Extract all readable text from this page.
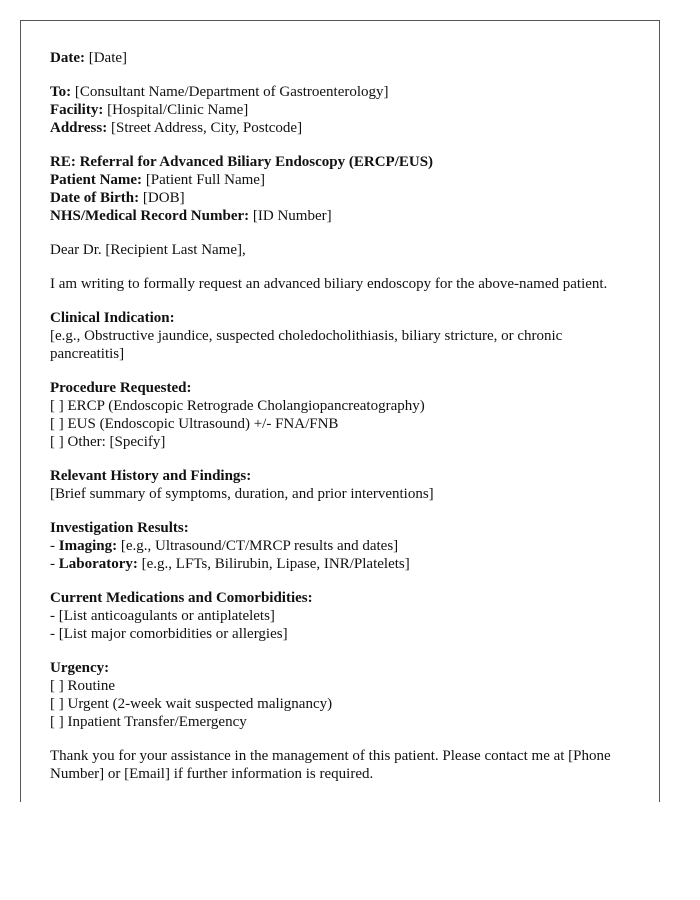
Date: [Date]
To: [Consultant Name/Department of Gastroenterology]
Facility: [Hospital/Clinic Name]
Address: [Street Address, City, Postcode]
RE: Referral for Advanced Biliary Endoscopy (ERCP/EUS)
Patient Name: [Patient Full Name]
Date of Birth: [DOB]
NHS/Medical Record Number: [ID Number]
Dear Dr. [Recipient Last Name],
I am writing to formally request an advanced biliary endoscopy for the above-named patient.
Clinical Indication:
[e.g., Obstructive jaundice, suspected choledocholithiasis, biliary stricture, or chronic pancreatitis]
Procedure Requested:
[ ] ERCP (Endoscopic Retrograde Cholangiopancreatography)
[ ] EUS (Endoscopic Ultrasound) +/- FNA/FNB
[ ] Other: [Specify]
Relevant History and Findings:
[Brief summary of symptoms, duration, and prior interventions]
Investigation Results:
- Imaging: [e.g., Ultrasound/CT/MRCP results and dates]
- Laboratory: [e.g., LFTs, Bilirubin, Lipase, INR/Platelets]
Current Medications and Comorbidities:
- [List anticoagulants or antiplatelets]
- [List major comorbidities or allergies]
Urgency:
[ ] Routine
[ ] Urgent (2-week wait suspected malignancy)
[ ] Inpatient Transfer/Emergency
Thank you for your assistance in the management of this patient. Please contact me at [Phone Number] or [Email] if further information is required.
